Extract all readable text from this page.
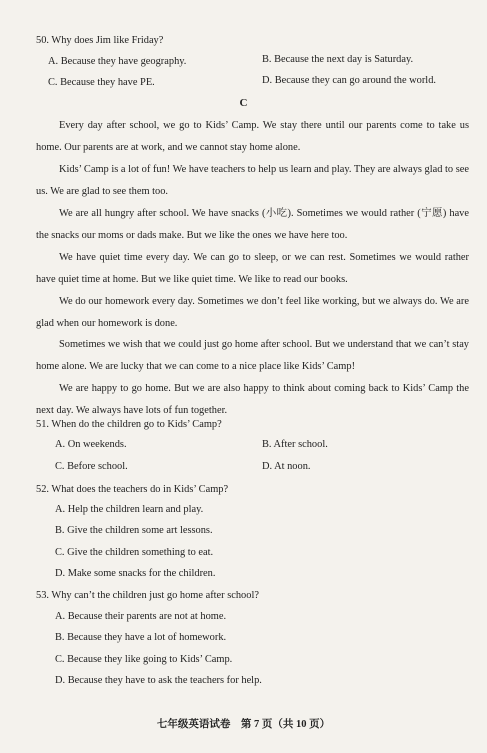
50. Why does Jim like Friday?
A. Because they have geography.	B. Because the next day is Saturday.
C. Because they have PE.	D. Because they can go around the world.
C
Every day after school, we go to Kids’ Camp. We stay there until our parents come to take us home. Our parents are at work, and we cannot stay home alone.
Kids’ Camp is a lot of fun! We have teachers to help us learn and play. They are always glad to see us. We are glad to see them too.
We are all hungry after school. We have snacks (小吃). Sometimes we would rather (宁愿) have the snacks our moms or dads make. But we like the ones we have here too.
We have quiet time every day. We can go to sleep, or we can rest. Sometimes we would rather have quiet time at home. But we like quiet time. We like to read our books.
We do our homework every day. Sometimes we don’t feel like working, but we always do. We are glad when our homework is done.
Sometimes we wish that we could just go home after school. But we understand that we can’t stay home alone. We are lucky that we can come to a nice place like Kids’ Camp!
We are happy to go home. But we are also happy to think about coming back to Kids’ Camp the next day. We always have lots of fun together.
51. When do the children go to Kids’ Camp?
A. On weekends.	B. After school.
C. Before school.	D. At noon.
52. What does the teachers do in Kids’ Camp?
A. Help the children learn and play.
B. Give the children some art lessons.
C. Give the children something to eat.
D. Make some snacks for the children.
53. Why can’t the children just go home after school?
A. Because their parents are not at home.
B. Because they have a lot of homework.
C. Because they like going to Kids’ Camp.
D. Because they have to ask the teachers for help.
七年级英语试卷　第 7 页（共 10 页）
